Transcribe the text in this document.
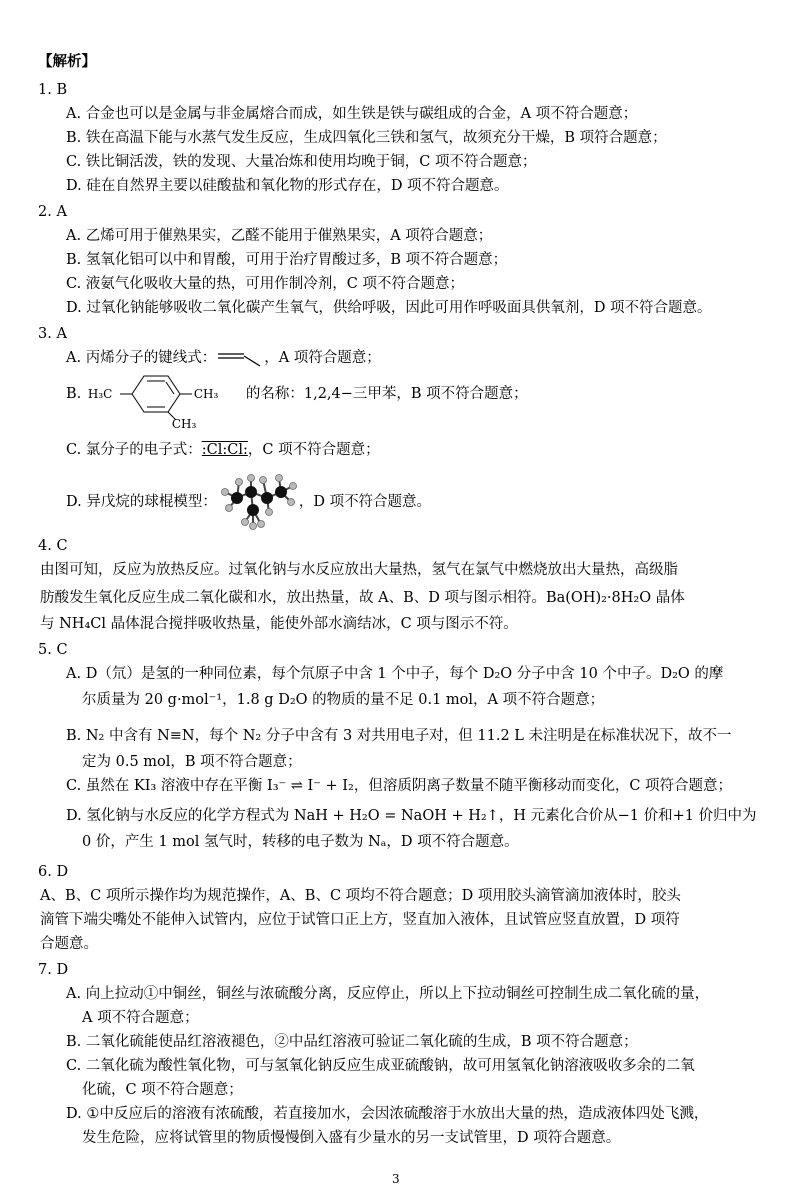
【解析】
1. B
A. 合金也可以是金属与非金属熔合而成，如生铁是铁与碳组成的合金，A 项不符合题意；
B. 铁在高温下能与水蒸气发生反应，生成四氧化三铁和氢气，故须充分干燥，B 项符合题意；
C. 铁比铜活泼，铁的发现、大量冶炼和使用均晚于铜，C 项不符合题意；
D. 硅在自然界主要以硅酸盐和氧化物的形式存在，D 项不符合题意。
2. A
A. 乙烯可用于催熟果实，乙醛不能用于催熟果实，A 项符合题意；
B. 氢氧化铝可以中和胃酸，可用于治疗胃酸过多，B 项不符合题意；
C. 液氨气化吸收大量的热，可用作制冷剂，C 项不符合题意；
D. 过氧化钠能够吸收二氧化碳产生氧气，供给呼吸，因此可用作呼吸面具供氧剂，D 项不符合题意。
3. A
A. 丙烯分子的键线式：	，A 项符合题意；
B. H₃C	CH₃
CH₃
的名称：1,2,4−三甲苯，B 项不符合题意；
C. 氯分子的电子式：:Cl:Cl:，C 项不符合题意；
D. 异戊烷的球棍模型：	，D 项不符合题意。
4. C
由图可知，反应为放热反应。过氧化钠与水反应放出大量热，氢气在氯气中燃烧放出大量热，高级脂
肪酸发生氧化反应生成二氧化碳和水，放出热量，故 A、B、D 项与图示相符。Ba(OH)₂·8H₂O 晶体
与 NH₄Cl 晶体混合搅拌吸收热量，能使外部水滴结冰，C 项与图示不符。
5. C
A. D（氘）是氢的一种同位素，每个氘原子中含 1 个中子，每个 D₂O 分子中含 10 个中子。D₂O 的摩
尔质量为 20 g·mol⁻¹，1.8 g D₂O 的物质的量不足 0.1 mol，A 项不符合题意；
B. N₂ 中含有 N≡N，每个 N₂ 分子中含有 3 对共用电子对，但 11.2 L 未注明是在标准状况下，故不一
定为 0.5 mol，B 项不符合题意；
C. 虽然在 KI₃ 溶液中存在平衡 I₃⁻ ⇌ I⁻ + I₂，但溶质阴离子数量不随平衡移动而变化，C 项符合题意；
D. 氢化钠与水反应的化学方程式为 NaH + H₂O = NaOH + H₂↑，H 元素化合价从−1 价和+1 价归中为
0 价，产生 1 mol 氢气时，转移的电子数为 Nₐ，D 项不符合题意。
6. D
A、B、C 项所示操作均为规范操作，A、B、C 项均不符合题意；D 项用胶头滴管滴加液体时，胶头
滴管下端尖嘴处不能伸入试管内，应位于试管口正上方，竖直加入液体，且试管应竖直放置，D 项符
合题意。
7. D
A. 向上拉动①中铜丝，铜丝与浓硫酸分离，反应停止，所以上下拉动铜丝可控制生成二氧化硫的量，
A 项不符合题意；
B. 二氧化硫能使品红溶液褪色，②中品红溶液可验证二氧化硫的生成，B 项不符合题意；
C. 二氧化硫为酸性氧化物，可与氢氧化钠反应生成亚硫酸钠，故可用氢氧化钠溶液吸收多余的二氧
化硫，C 项不符合题意；
D. ①中反应后的溶液有浓硫酸，若直接加水，会因浓硫酸溶于水放出大量的热，造成液体四处飞溅，
发生危险，应将试管里的物质慢慢倒入盛有少量水的另一支试管里，D 项符合题意。
3
